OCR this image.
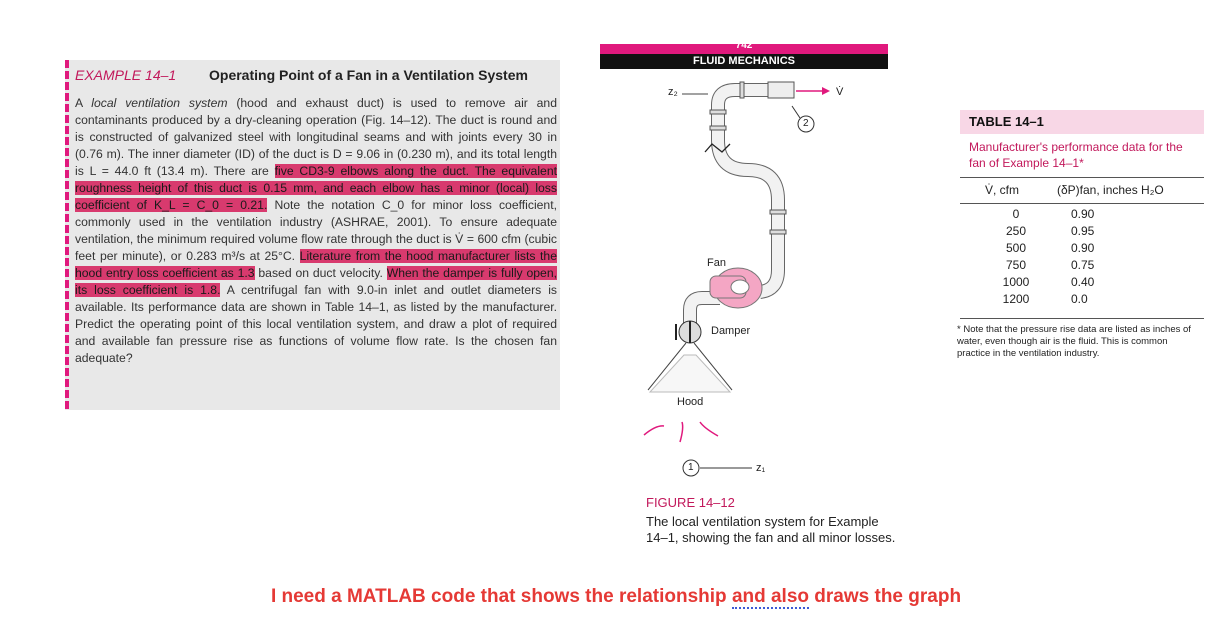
EXAMPLE 14–1 Operating Point of a Fan in a Ventilation System
A local ventilation system (hood and exhaust duct) is used to remove air and contaminants produced by a dry-cleaning operation (Fig. 14–12). The duct is round and is constructed of galvanized steel with longitudinal seams and with joints every 30 in (0.76 m). The inner diameter (ID) of the duct is D = 9.06 in (0.230 m), and its total length is L = 44.0 ft (13.4 m). There are five CD3-9 elbows along the duct. The equivalent roughness height of this duct is 0.15 mm, and each elbow has a minor (local) loss coefficient of K_L = C_0 = 0.21. Note the notation C_0 for minor loss coefficient, commonly used in the ventilation industry (ASHRAE, 2001). To ensure adequate ventilation, the minimum required volume flow rate through the duct is V̇ = 600 cfm (cubic feet per minute), or 0.283 m³/s at 25°C. Literature from the hood manufacturer lists the hood entry loss coefficient as 1.3 based on duct velocity. When the damper is fully open, its loss coefficient is 1.8. A centrifugal fan with 9.0-in inlet and outlet diameters is available. Its performance data are shown in Table 14–1, as listed by the manufacturer. Predict the operating point of this local ventilation system, and draw a plot of required and available fan pressure rise as functions of volume flow rate. Is the chosen fan adequate?
742
FLUID MECHANICS
z₂	V̇
2
Fan
Damper
Hood
1	z₁
FIGURE 14–12
The local ventilation system for Example 14–1, showing the fan and all minor losses.
TABLE 14–1
Manufacturer's performance data for the fan of Example 14–1*
V̇, cfm	(δP)fan, inches H₂O
0	0.90
250	0.95
500	0.90
750	0.75
1000	0.40
1200	0.0
* Note that the pressure rise data are listed as inches of water, even though air is the fluid. This is common practice in the ventilation industry.
I need a MATLAB code that shows the relationship and also draws the graph
